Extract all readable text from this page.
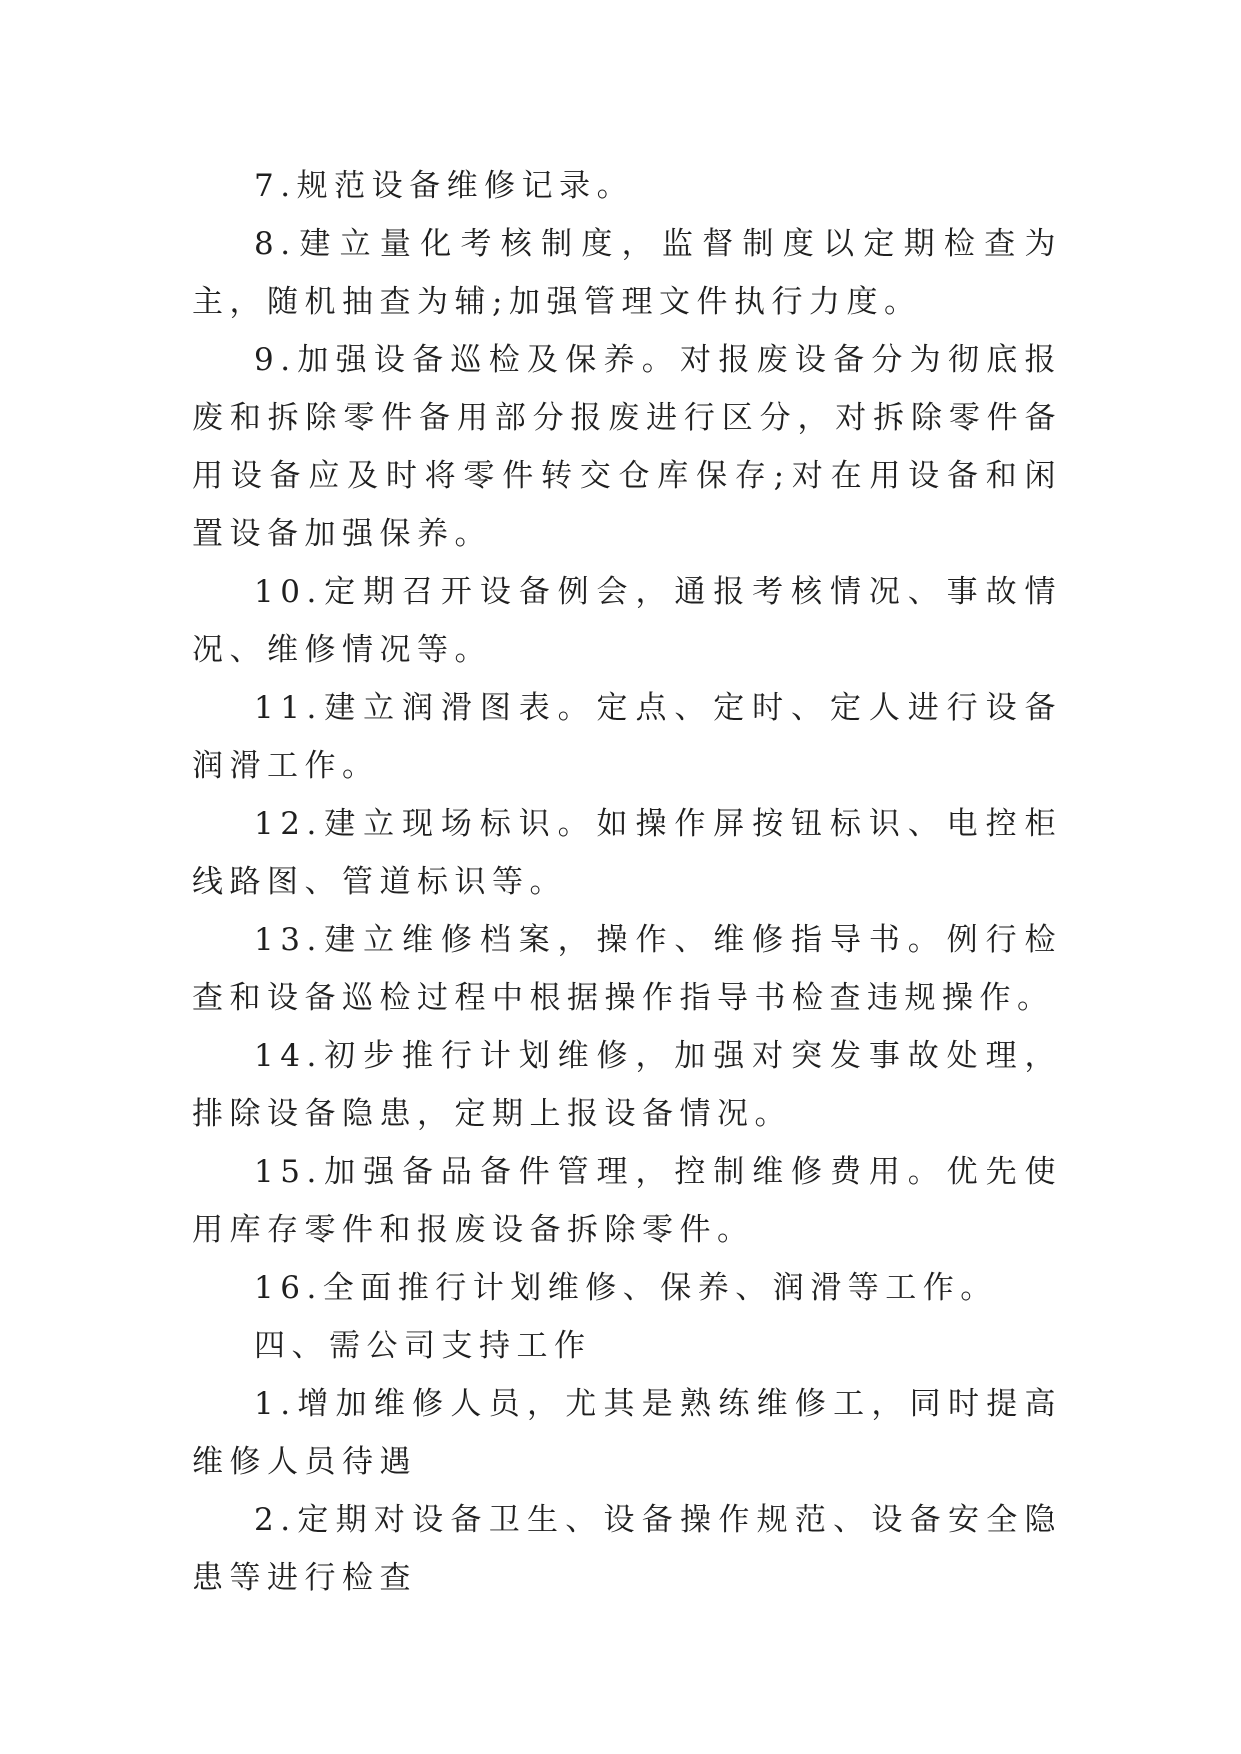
7.规范设备维修记录。

8.建立量化考核制度，监督制度以定期检查为主，随机抽查为辅;加强管理文件执行力度。

9.加强设备巡检及保养。对报废设备分为彻底报废和拆除零件备用部分报废进行区分，对拆除零件备用设备应及时将零件转交仓库保存;对在用设备和闲置设备加强保养。

10.定期召开设备例会，通报考核情况、事故情况、维修情况等。

11.建立润滑图表。定点、定时、定人进行设备润滑工作。

12.建立现场标识。如操作屏按钮标识、电控柜线路图、管道标识等。

13.建立维修档案，操作、维修指导书。例行检查和设备巡检过程中根据操作指导书检查违规操作。

14.初步推行计划维修，加强对突发事故处理，排除设备隐患，定期上报设备情况。

15.加强备品备件管理，控制维修费用。优先使用库存零件和报废设备拆除零件。

16.全面推行计划维修、保养、润滑等工作。

四、需公司支持工作

1.增加维修人员，尤其是熟练维修工，同时提高维修人员待遇

2.定期对设备卫生、设备操作规范、设备安全隐患等进行检查
